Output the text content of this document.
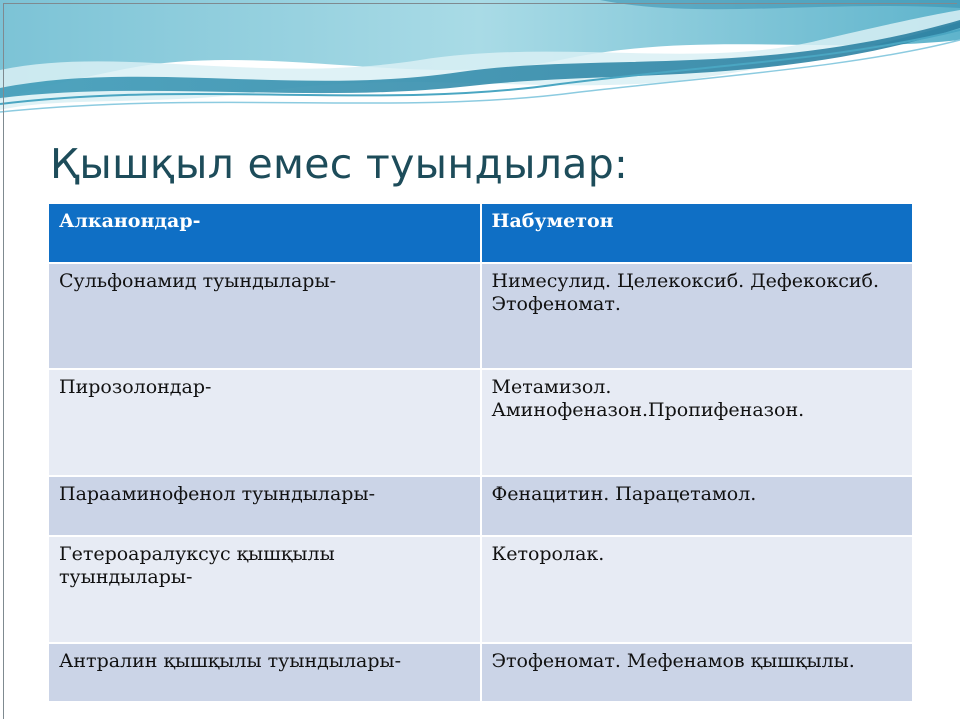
Қышқыл емес туындылар:
Алканондар-	Набуметон
Сульфонамид туындылары-	Нимесулид. Целекоксиб. Дефекоксиб. Этофеномат.
Пирозолондар-	Метамизол. Аминофеназон.Пропифеназон.
Парааминофенол туындылары-	Фенацитин. Парацетамол.
Гетероаралуксус қышқылы туындылары-	Кеторолак.
Антралин қышқылы туындылары-	Этофеномат. Мефенамов қышқылы.
